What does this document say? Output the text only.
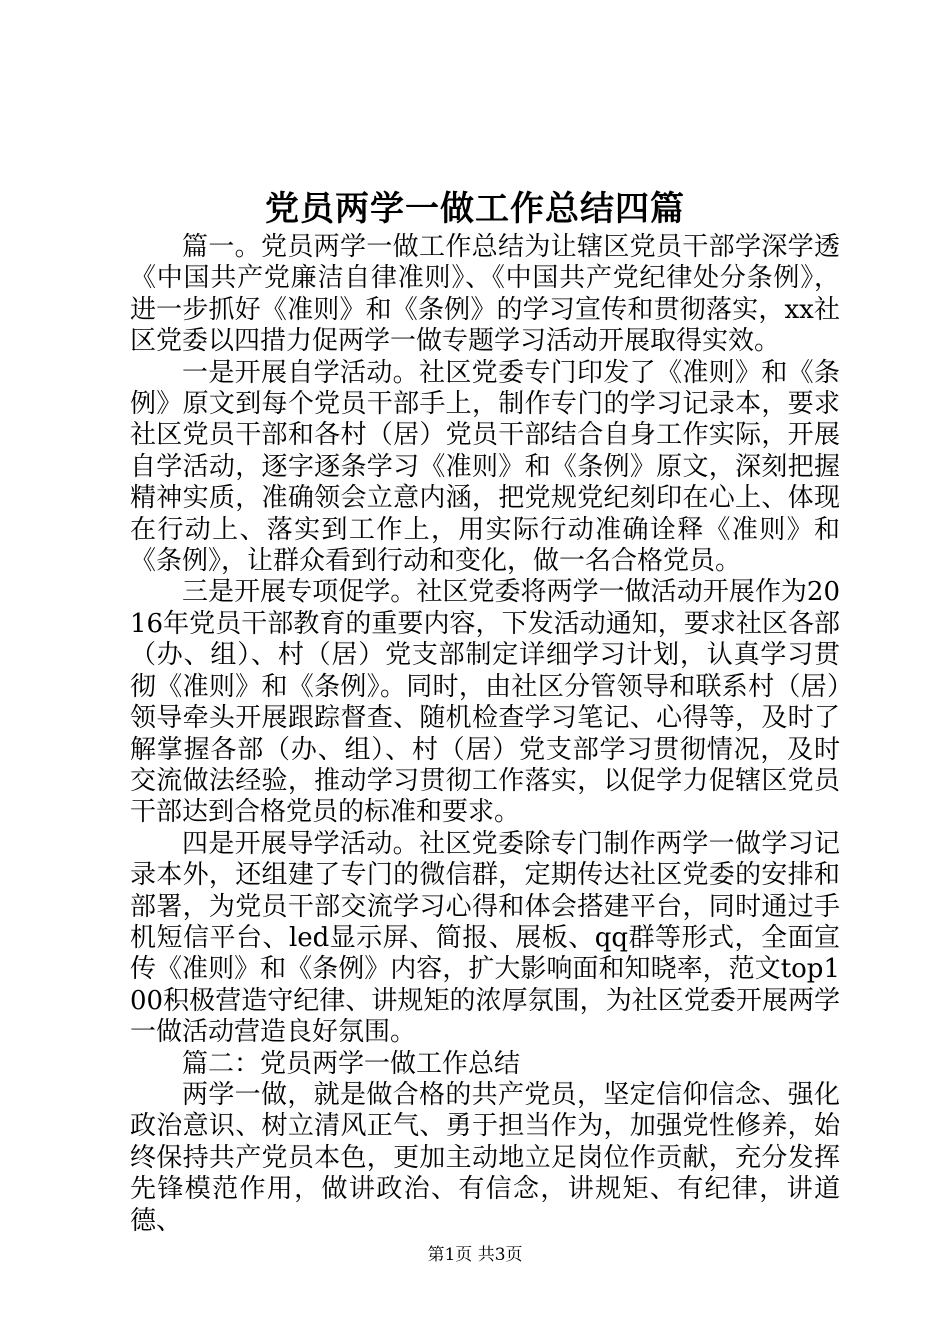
党员两学一做工作总结四篇

篇一。党员两学一做工作总结为让辖区党员干部学深学透《中国共产党廉洁自律准则》、《中国共产党纪律处分条例》，进一步抓好《准则》和《条例》的学习宣传和贯彻落实，xx社区党委以四措力促两学一做专题学习活动开展取得实效。

一是开展自学活动。社区党委专门印发了《准则》和《条例》原文到每个党员干部手上，制作专门的学习记录本，要求社区党员干部和各村（居）党员干部结合自身工作实际，开展自学活动，逐字逐条学习《准则》和《条例》原文，深刻把握精神实质，准确领会立意内涵，把党规党纪刻印在心上、体现在行动上、落实到工作上，用实际行动准确诠释《准则》和《条例》，让群众看到行动和变化，做一名合格党员。

三是开展专项促学。社区党委将两学一做活动开展作为2016年党员干部教育的重要内容，下发活动通知，要求社区各部（办、组）、村（居）党支部制定详细学习计划，认真学习贯彻《准则》和《条例》。同时，由社区分管领导和联系村（居）领导牵头开展跟踪督查、随机检查学习笔记、心得等，及时了解掌握各部（办、组）、村（居）党支部学习贯彻情况，及时交流做法经验，推动学习贯彻工作落实，以促学力促辖区党员干部达到合格党员的标准和要求。

四是开展导学活动。社区党委除专门制作两学一做学习记录本外，还组建了专门的微信群，定期传达社区党委的安排和部署，为党员干部交流学习心得和体会搭建平台，同时通过手机短信平台、led显示屏、简报、展板、qq群等形式，全面宣传《准则》和《条例》内容，扩大影响面和知晓率，范文top100积极营造守纪律、讲规矩的浓厚氛围，为社区党委开展两学一做活动营造良好氛围。

篇二：党员两学一做工作总结

两学一做，就是做合格的共产党员，坚定信仰信念、强化政治意识、树立清风正气、勇于担当作为，加强党性修养，始终保持共产党员本色，更加主动地立足岗位作贡献，充分发挥先锋模范作用，做讲政治、有信念，讲规矩、有纪律，讲道德、

第1页 共3页
